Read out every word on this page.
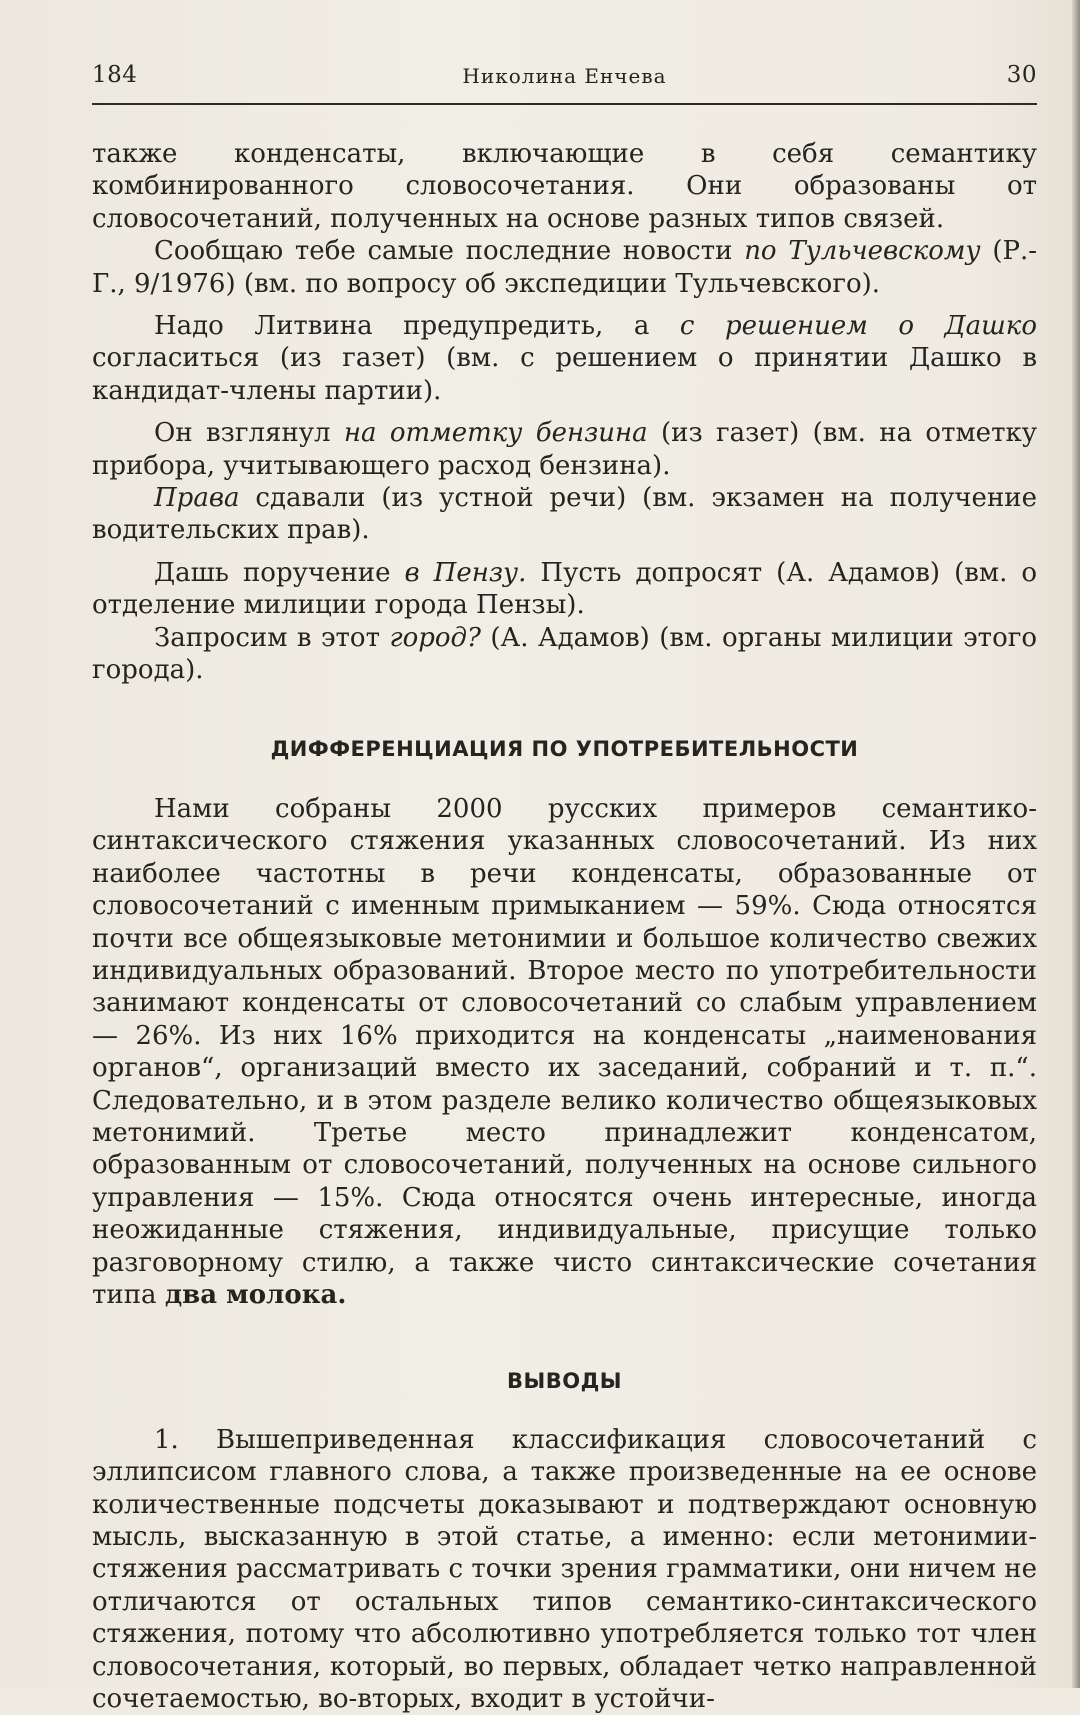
184	Николина Енчева	30

также конденсаты, включающие в себя семантику комбинированного словосочетания. Они образованы от словосочетаний, полученных на основе разных типов связей.

Сообщаю тебе самые последние новости по Тульчевскому (Р.-Г., 9/1976) (вм. по вопросу об экспедиции Тульчевского).

Надо Литвина предупредить, а с решением о Дашко согласиться (из газет) (вм. с решением о принятии Дашко в кандидат-члены партии).

Он взглянул на отметку бензина (из газет) (вм. на отметку прибора, учитывающего расход бензина).

Права сдавали (из устной речи) (вм. экзамен на получение водительских прав).

Дашь поручение в Пензу. Пусть допросят (А. Адамов) (вм. о отделение милиции города Пензы).

Запросим в этот город? (А. Адамов) (вм. органы милиции этого города).

ДИФФЕРЕНЦИАЦИЯ ПО УПОТРЕБИТЕЛЬНОСТИ

Нами собраны 2000 русских примеров семантико-синтаксического стяжения указанных словосочетаний. Из них наиболее частотны в речи конденсаты, образованные от словосочетаний с именным примыканием — 59%. Сюда относятся почти все общеязыковые метонимии и большое количество свежих индивидуальных образований. Второе место по употребительности занимают конденсаты от словосочетаний со слабым управлением — 26%. Из них 16% приходится на конденсаты „наименования органов“, организаций вместо их заседаний, собраний и т. п.“. Следовательно, и в этом разделе велико количество общеязыковых метонимий. Третье место принадлежит конденсатом, образованным от словосочетаний, полученных на основе сильного управления — 15%. Сюда относятся очень интересные, иногда неожиданные стяжения, индивидуальные, присущие только разговорному стилю, а также чисто синтаксические сочетания типа два молока.

ВЫВОДЫ

1. Вышеприведенная классификация словосочетаний с эллипсисом главного слова, а также произведенные на ее основе количественные подсчеты доказывают и подтверждают основную мысль, высказанную в этой статье, а именно: если метонимии-стяжения рассматривать с точки зрения грамматики, они ничем не отличаются от остальных типов семантико-синтаксического стяжения, потому что абсолютивно употребляется только тот член словосочетания, который, во первых, обладает четко направленной сочетаемостью, во-вторых, входит в устойчи-
